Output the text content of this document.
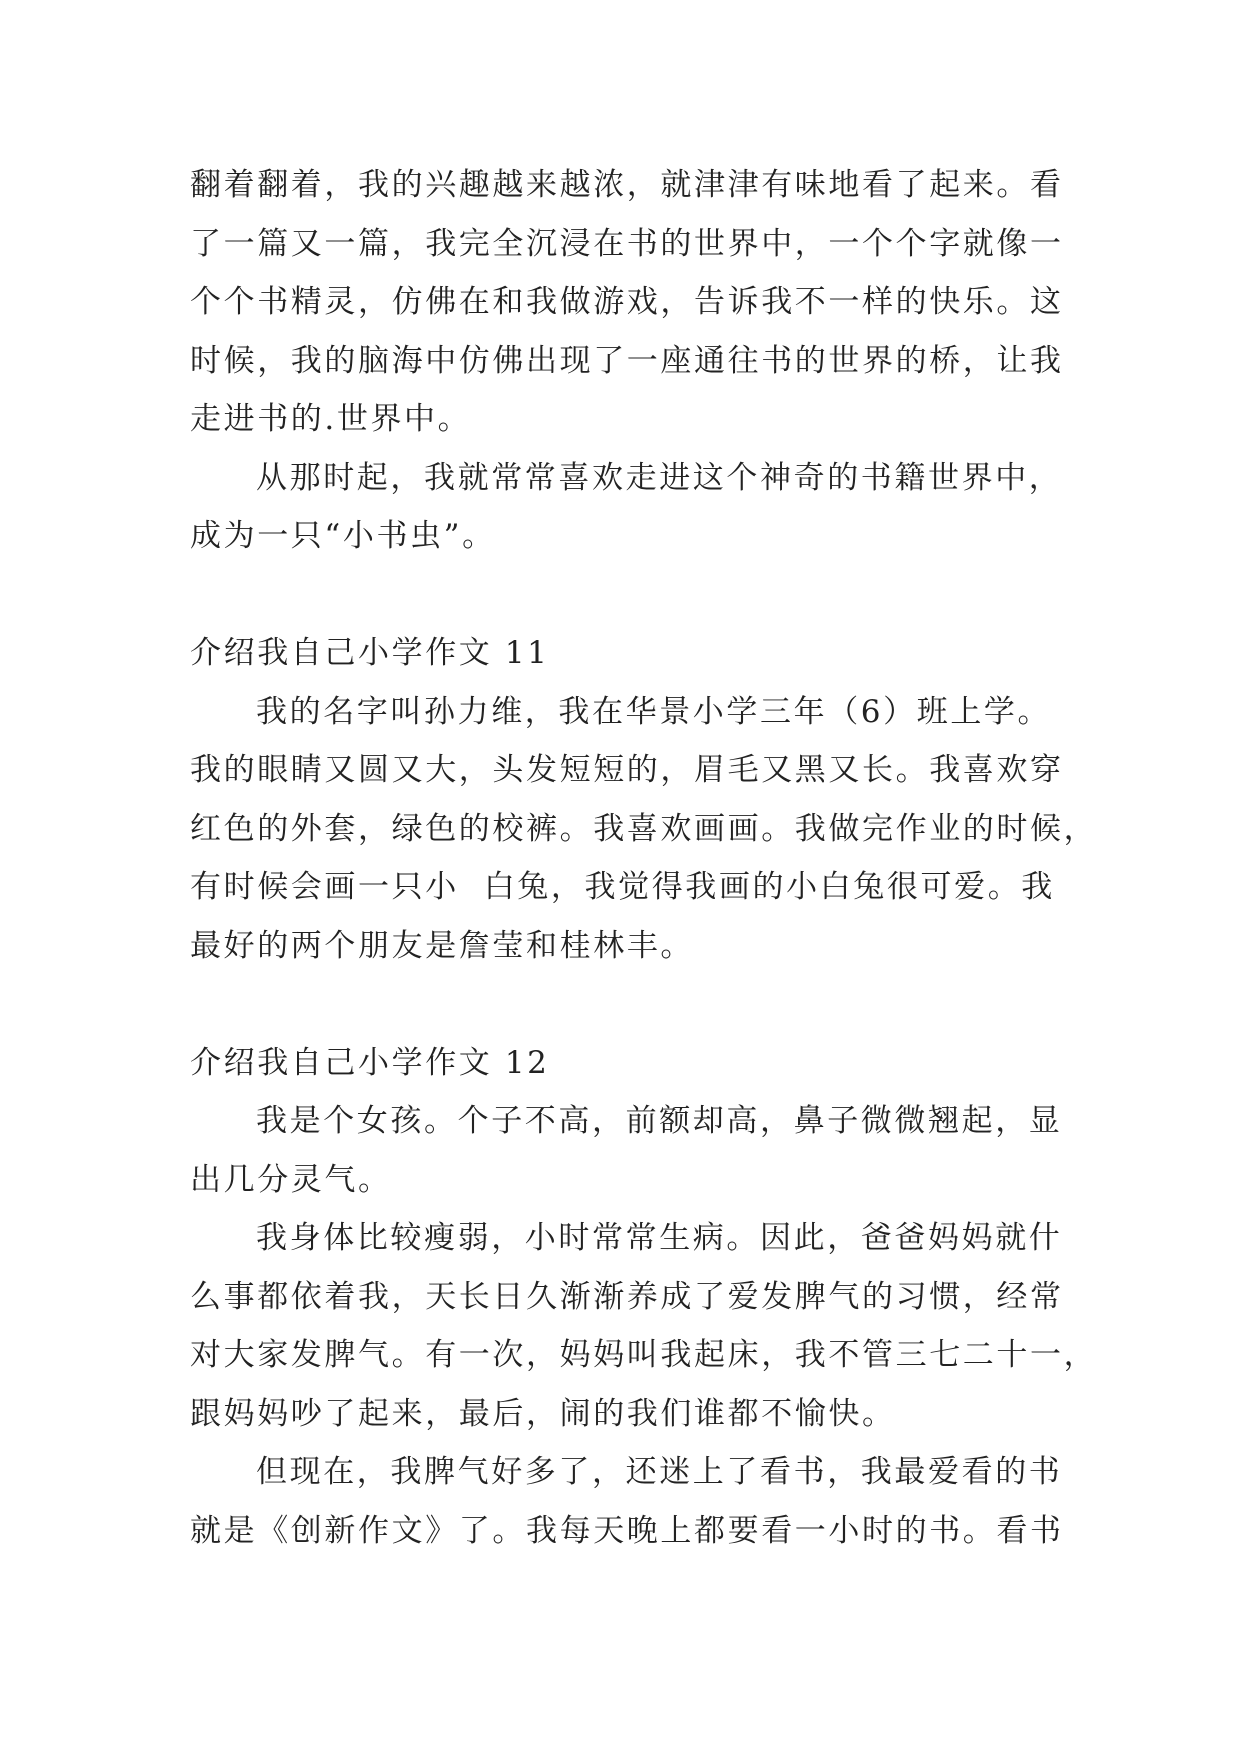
翻着翻着，我的兴趣越来越浓，就津津有味地看了起来。看
了一篇又一篇，我完全沉浸在书的世界中，一个个字就像一
个个书精灵，仿佛在和我做游戏，告诉我不一样的快乐。这
时候，我的脑海中仿佛出现了一座通往书的世界的桥，让我
走进书的.世界中。
从那时起，我就常常喜欢走进这个神奇的书籍世界中，
成为一只“小书虫”。
介绍我自己小学作文 11
我的名字叫孙力维，我在华景小学三年（6）班上学。
我的眼睛又圆又大，头发短短的，眉毛又黑又长。我喜欢穿
红色的外套，绿色的校裤。我喜欢画画。我做完作业的时候，
有时候会画一只小  白兔，我觉得我画的小白兔很可爱。我
最好的两个朋友是詹莹和桂林丰。
介绍我自己小学作文 12
我是个女孩。个子不高，前额却高，鼻子微微翘起，显
出几分灵气。
我身体比较瘦弱，小时常常生病。因此，爸爸妈妈就什
么事都依着我，天长日久渐渐养成了爱发脾气的习惯，经常
对大家发脾气。有一次，妈妈叫我起床，我不管三七二十一，
跟妈妈吵了起来，最后，闹的我们谁都不愉快。
但现在，我脾气好多了，还迷上了看书，我最爱看的书
就是《创新作文》了。我每天晚上都要看一小时的书。看书
